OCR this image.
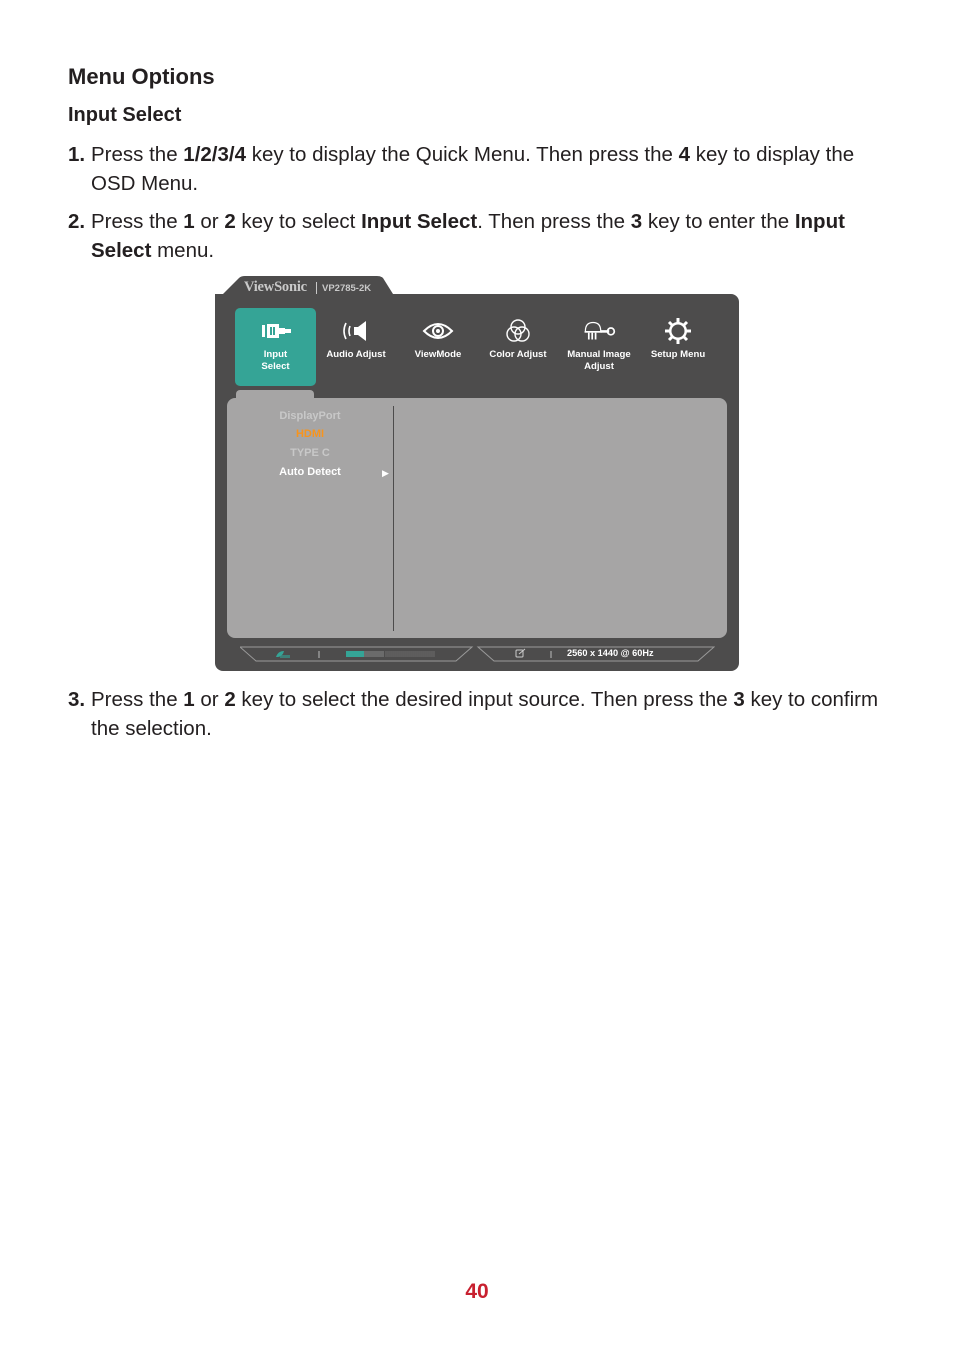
Menu Options
Input Select
1. Press the 1/2/3/4 key to display the Quick Menu. Then press the 4 key to display the OSD Menu.
2. Press the 1 or 2 key to select Input Select. Then press the 3 key to enter the Input Select menu.
ViewSonic VP2785-2K
Input
Select
Audio Adjust	ViewMode	Color Adjust	Manual Image
Adjust
Setup Menu
DisplayPort
HDMI
TYPE C
Auto Detect	▶
2560 x 1440 @ 60Hz
3. Press the 1 or 2 key to select the desired input source. Then press the 3 key to confirm the selection.
40
